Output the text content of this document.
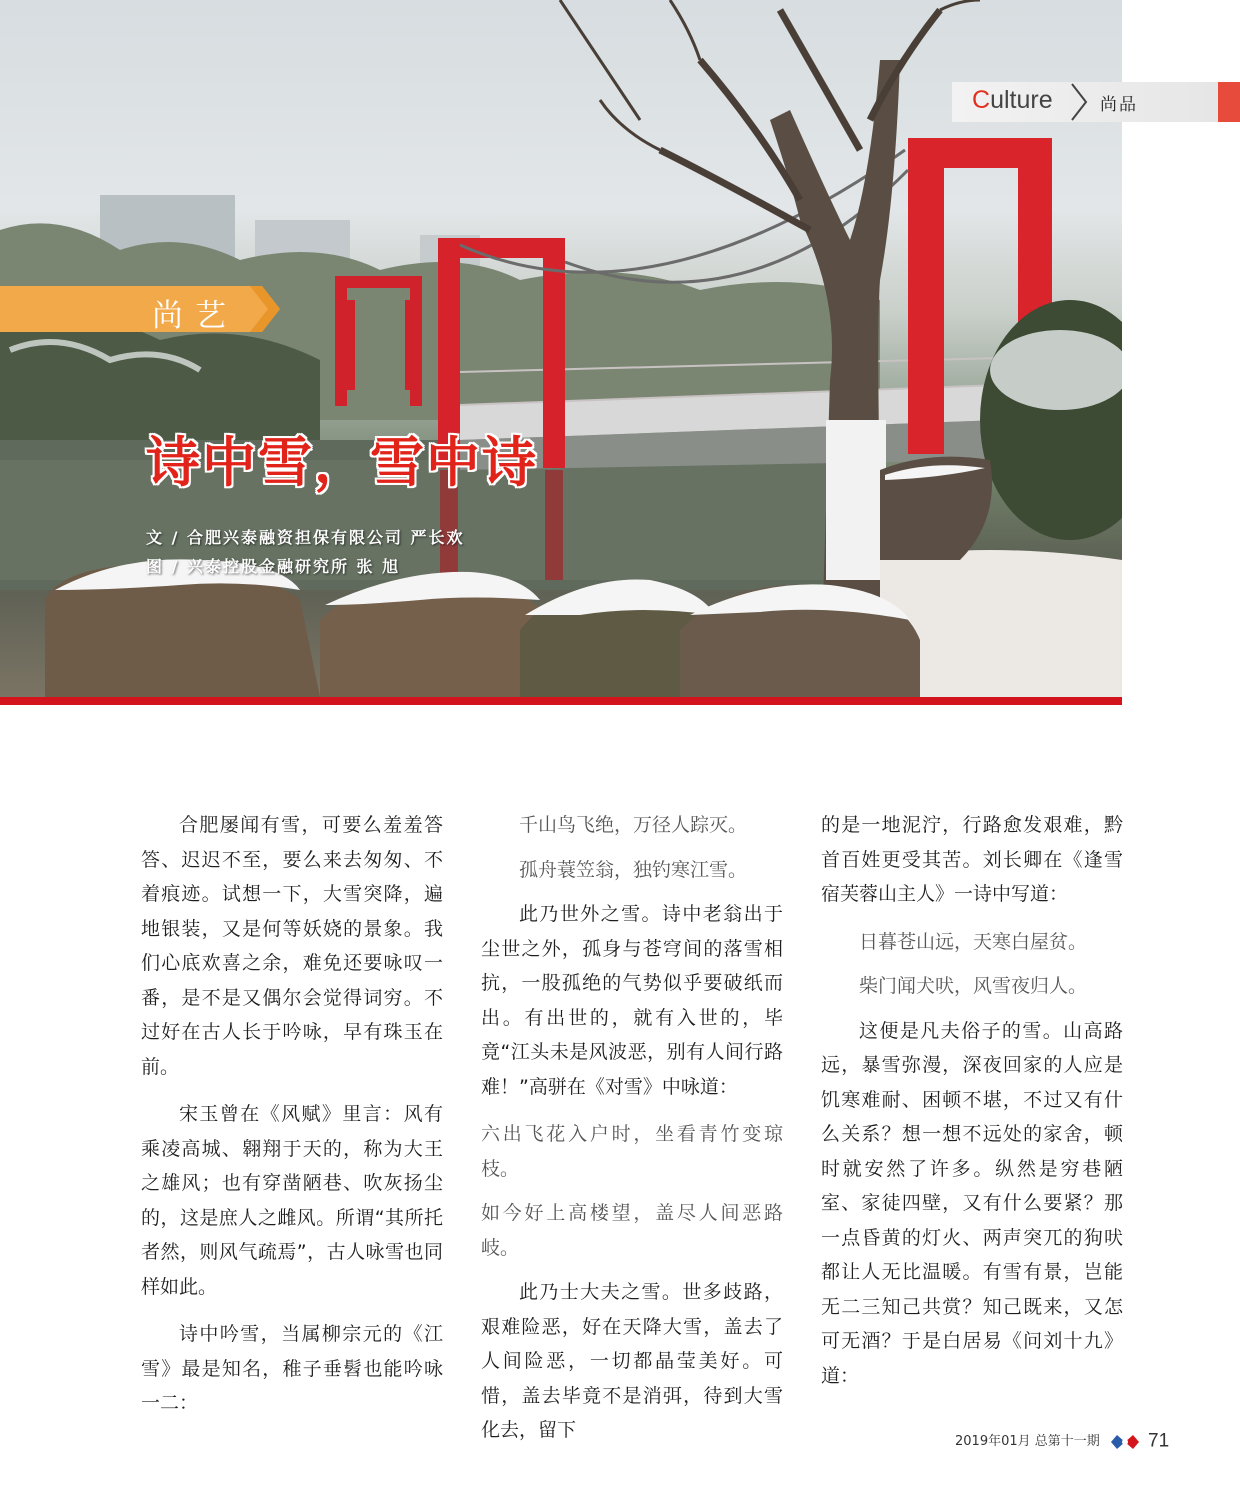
Culture	尚品
尚艺
诗中雪，雪中诗
文 / 合肥兴泰融资担保有限公司 严长欢
图 / 兴泰控股金融研究所 张 旭

合肥屡闻有雪，可要么羞羞答答、迟迟不至，要么来去匆匆、不着痕迹。试想一下，大雪突降，遍地银装，又是何等妖娆的景象。我们心底欢喜之余，难免还要咏叹一番，是不是又偶尔会觉得词穷。不过好在古人长于吟咏，早有珠玉在前。

宋玉曾在《风赋》里言：风有乘凌高城、翱翔于天的，称为大王之雄风；也有穿凿陋巷、吹灰扬尘的，这是庶人之雌风。所谓“其所托者然，则风气疏焉”，古人咏雪也同样如此。

诗中吟雪，当属柳宗元的《江雪》最是知名，稚子垂髫也能吟咏一二：

千山鸟飞绝，万径人踪灭。

孤舟蓑笠翁，独钓寒江雪。

此乃世外之雪。诗中老翁出于尘世之外，孤身与苍穹间的落雪相抗，一股孤绝的气势似乎要破纸而出。有出世的，就有入世的，毕竟“江头未是风波恶，别有人间行路难！”高骈在《对雪》中咏道：

六出飞花入户时，坐看青竹变琼枝。

如今好上高楼望，盖尽人间恶路岐。

此乃士大夫之雪。世多歧路，艰难险恶，好在天降大雪，盖去了人间险恶，一切都晶莹美好。可惜，盖去毕竟不是消弭，待到大雪化去，留下

的是一地泥泞，行路愈发艰难，黔首百姓更受其苦。刘长卿在《逢雪宿芙蓉山主人》一诗中写道：

日暮苍山远，天寒白屋贫。

柴门闻犬吠，风雪夜归人。

这便是凡夫俗子的雪。山高路远，暴雪弥漫，深夜回家的人应是饥寒难耐、困顿不堪，不过又有什么关系？想一想不远处的家舍，顿时就安然了许多。纵然是穷巷陋室、家徒四壁，又有什么要紧？那一点昏黄的灯火、两声突兀的狗吠都让人无比温暖。有雪有景，岂能无二三知己共赏？知己既来，又怎可无酒？于是白居易《问刘十九》道：

2019年01月 总第十一期	71
